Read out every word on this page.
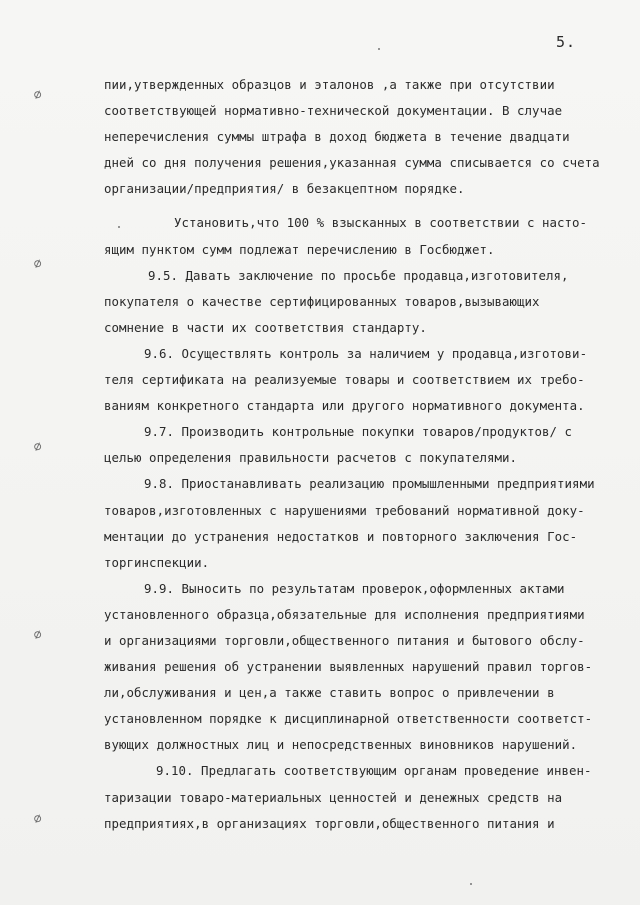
5.
∅
∅
∅
∅
∅
пии,утвержденных образцов и эталонов ,а также при отсутствии
соответствующей нормативно-технической документации. В случае
неперечисления суммы штрафа в доход бюджета в течение двадцати
дней со дня получения решения,указанная сумма списывается со счета
организации/предприятия/ в безакцептном порядке.
Установить,что 100 % взысканных в соответствии с насто-
ящим пунктом сумм подлежат перечислению в Госбюджет.
9.5. Давать заключение по просьбе продавца,изготовителя,
покупателя о качестве сертифицированных товаров,вызывающих
сомнение в части их соответствия стандарту.
9.6. Осуществлять контроль за наличием у продавца,изготови-
теля сертификата на реализуемые товары и соответствием их требо-
ваниям конкретного стандарта или другого нормативного документа.
9.7. Производить контрольные покупки товаров/продуктов/ с
целью определения правильности расчетов с покупателями.
9.8. Приостанавливать реализацию промышленными предприятиями
товаров,изготовленных с нарушениями требований нормативной доку-
ментации до устранения недостатков и повторного заключения Гос-
торгинспекции.
9.9. Выносить по результатам проверок,оформленных актами
установленного образца,обязательные для исполнения предприятиями
и организациями торговли,общественного питания и бытового обслу-
живания решения об устранении выявленных нарушений правил торгов-
ли,обслуживания и цен,а также ставить вопрос о привлечении в
установленном порядке к дисциплинарной ответственности соответст-
вующих должностных лиц и непосредственных виновников нарушений.
9.10. Предлагать соответствующим органам проведение инвен-
таризации товаро-материальных ценностей и денежных средств на
предприятиях,в организациях торговли,общественного питания и
